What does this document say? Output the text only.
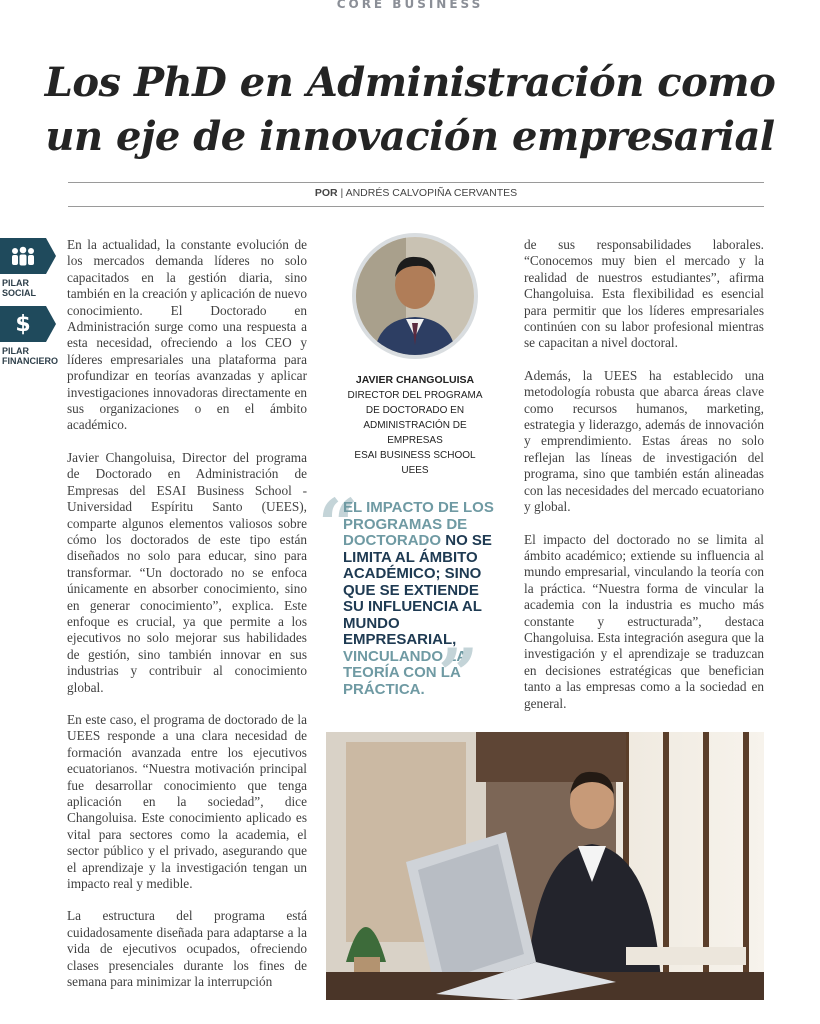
CORE BUSINESS
Los PhD en Administración como un eje de innovación empresarial
POR | ANDRÉS CALVOPIÑA CERVANTES
PILAR SOCIAL
$
PILAR FINANCIERO

En la actualidad, la constante evolución de los mercados demanda líderes no solo capacitados en la gestión diaria, sino también en la creación y aplicación de nuevo conocimiento. El Doctorado en Administración surge como una respuesta a esta necesidad, ofreciendo a los CEO y líderes empresariales una plataforma para profundizar en teorías avanzadas y aplicar investigaciones innovadoras directamente en sus organizaciones o en el ámbito académico.

Javier Changoluisa, Director del programa de Doctorado en Administración de Empresas del ESAI Business School - Universidad Espíritu Santo (UEES), comparte algunos elementos valiosos sobre cómo los doctorados de este tipo están diseñados no solo para educar, sino para transformar. “Un doctorado no se enfoca únicamente en absorber conocimiento, sino en generar conocimiento”, explica. Este enfoque es crucial, ya que permite a los ejecutivos no solo mejorar sus habilidades de gestión, sino también innovar en sus industrias y contribuir al conocimiento global.

En este caso, el programa de doctorado de la UEES responde a una clara necesidad de formación avanzada entre los ejecutivos ecuatorianos. “Nuestra motivación principal fue desarrollar conocimiento que tenga aplicación en la sociedad”, dice Changoluisa. Este conocimiento aplicado es vital para sectores como la academia, el sector público y el privado, asegurando que el aprendizaje y la investigación tengan un impacto real y medible.

La estructura del programa está cuidadosamente diseñada para adaptarse a la vida de ejecutivos ocupados, ofreciendo clases presenciales durante los fines de semana para minimizar la interrupción

JAVIER CHANGOLUISA
DIRECTOR DEL PROGRAMA
DE DOCTORADO EN
ADMINISTRACIÓN DE
EMPRESAS
ESAI BUSINESS SCHOOL
UEES
“
EL IMPACTO DE LOS PROGRAMAS DE DOCTORADO NO SE LIMITA AL ÁMBITO ACADÉMICO; SINO QUE SE EXTIENDE SU INFLUENCIA AL MUNDO EMPRESARIAL, VINCULANDO LA TEORÍA CON LA PRÁCTICA. ”

de sus responsabilidades laborales. “Conocemos muy bien el mercado y la realidad de nuestros estudiantes”, afirma Changoluisa. Esta flexibilidad es esencial para permitir que los líderes empresariales continúen con su labor profesional mientras se capacitan a nivel doctoral.

Además, la UEES ha establecido una metodología robusta que abarca áreas clave como recursos humanos, marketing, estrategia y liderazgo, además de innovación y emprendimiento. Estas áreas no solo reflejan las líneas de investigación del programa, sino que también están alineadas con las necesidades del mercado ecuatoriano y global.

El impacto del doctorado no se limita al ámbito académico; extiende su influencia al mundo empresarial, vinculando la teoría con la práctica. “Nuestra forma de vincular la academia con la industria es mucho más constante y estructurada”, destaca Changoluisa. Esta integración asegura que la investigación y el aprendizaje se traduzcan en decisiones estratégicas que benefician tanto a las empresas como a la sociedad en general.
